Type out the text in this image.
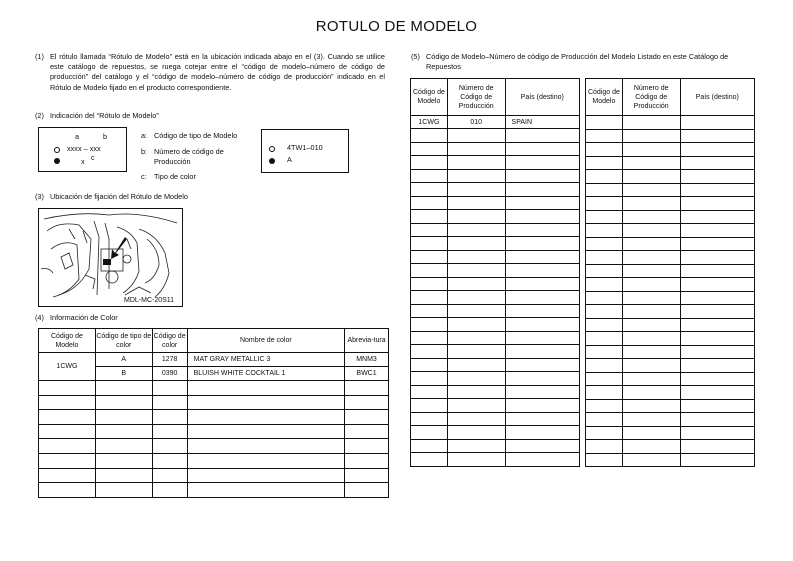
ROTULO DE MODELO
(1) El rótulo llamada “Rótulo de Modelo” está en la ubicación indicada abajo en el (3). Cuando se utilice este catálogo de repuestos, se ruega cotejar entre el “código de modelo–número de código de producción” del catálogo y el “código de modelo–número de código de producción” indicado en el Rótulo de Modelo fijado en el producto correspondiente.
(2) Indicación del “Rótulo de Modelo”
a	b
xxxx – xxx
x c
a: Código de tipo de Modelo
b: Número de código de Producción
c: Tipo de color
4TW1–010
A
(3) Ubicación de fijación del Rótulo de Modelo
MDL-MC-20S11
(4) Información de Color
Código de Modelo	Código de tipo de color	Código de color	Nombre de color	Abrevia-tura
1CWG	A	1278	MAT GRAY METALLIC 3	MNM3
	B	0390	BLUISH WHITE COCKTAIL 1	BWC1

(5) Código de Modelo–Número de código de Producción del Modelo Listado en este Catálogo de Repuestos
Código de Modelo	Número de Código de Producción	País (destino)
1CWG	010	SPAIN

Código de Modelo	Número de Código de Producción	País (destino)
